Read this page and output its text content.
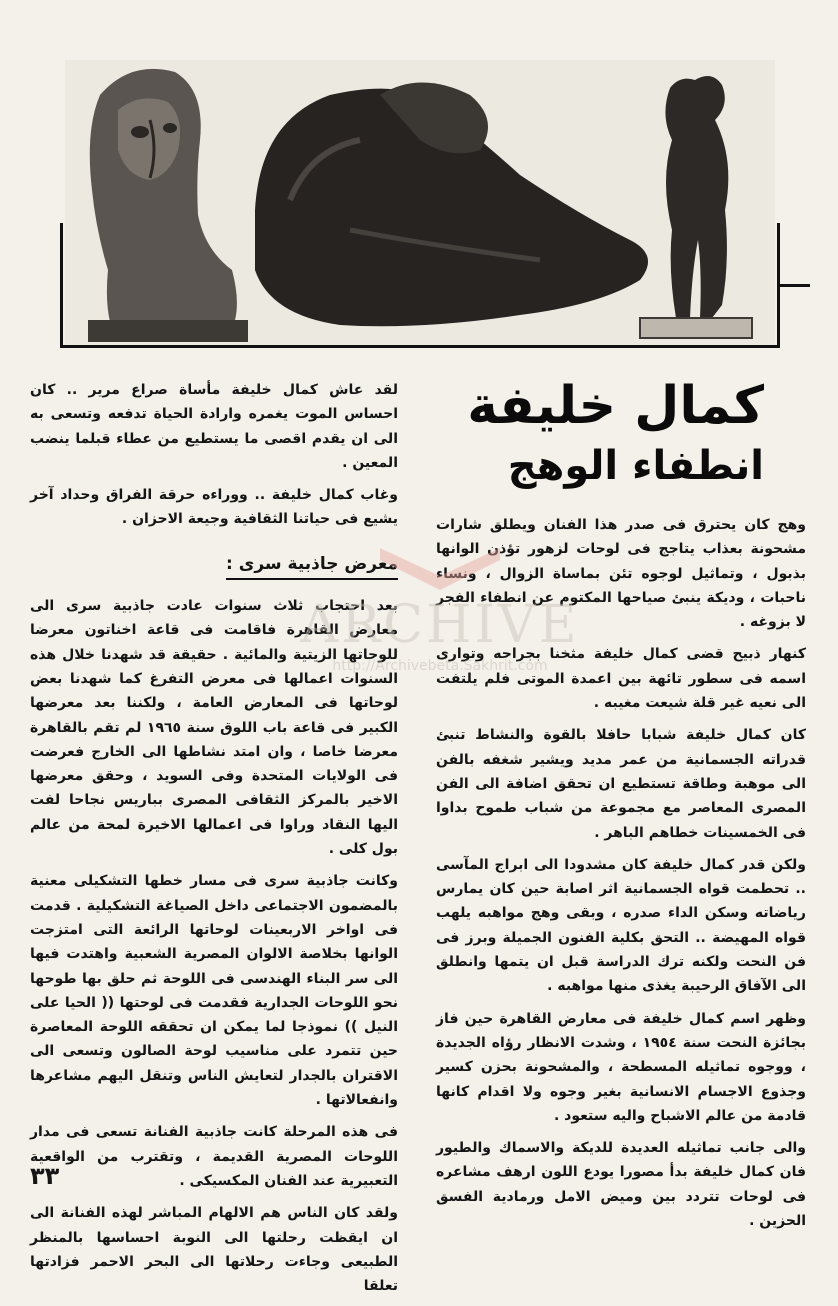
كمال خليفة
انطفاء الوهج

لقد عاش كمال خليفة مأساة صراع مرير .. كان احساس الموت يغمره وارادة الحياة تدفعه وتسعى به الى ان يقدم اقصى ما يستطيع من عطاء قبلما ينضب المعين .

وغاب كمال خليفة .. ووراءه حرقة الفراق وحداد آخر يشيع فى حياتنا الثقافية وجيعة الاحزان .

معرض جاذبية سرى :

بعد احتجاب ثلاث سنوات عادت جاذبية سرى الى معارض القاهرة فاقامت فى قاعة اخناتون معرضا للوحاتها الزيتية والمائية . حقيقة قد شهدنا خلال هذه السنوات اعمالها فى معرض التفرغ كما شهدنا بعض لوحاتها فى المعارض العامة ، ولكننا بعد معرضها الكبير فى قاعة باب اللوق سنة ١٩٦٥ لم تقم بالقاهرة معرضا خاصا ، وان امتد نشاطها الى الخارج فعرضت فى الولايات المتحدة وفى السويد ، وحقق معرضها الاخير بالمركز الثقافى المصرى بباريس نجاحا لفت اليها النقاد وراوا فى اعمالها الاخيرة لمحة من عالم بول كلى .

وكانت جاذبية سرى فى مسار خطها التشكيلى معنية بالمضمون الاجتماعى داخل الصياغة التشكيلية . قدمت فى اواخر الاربعينات لوحاتها الرائعة التى امتزجت الوانها بخلاصة الالوان المصرية الشعبية واهتدت فيها الى سر البناء الهندسى فى اللوحة ثم حلق بها طوحها نحو اللوحات الجدارية فقدمت فى لوحتها (( الحيا على النيل )) نموذجا لما يمكن ان تحققه اللوحة المعاصرة حين تتمرد على مناسيب لوحة الصالون وتسعى الى الاقتران بالجدار لتعايش الناس وتنقل اليهم مشاعرها وانفعالاتها .

فى هذه المرحلة كانت جاذبية الفنانة تسعى فى مدار اللوحات المصرية القديمة ، وتقترب من الواقعية التعبيرية عند الفنان المكسيكى .

ولقد كان الناس هم الالهام المباشر لهذه الفنانة الى ان ايقظت رحلتها الى النوبة احساسها بالمنظر الطبيعى وجاءت رحلاتها الى البحر الاحمر فزادتها تعلقا

وهج كان يحترق فى صدر هذا الفنان ويطلق شارات مشحونة بعذاب يتاجج فى لوحات لزهور تؤذن الوانها بذبول ، وتماثيل لوجوه تئن بماساة الزوال ، ونساء ناحبات ، وديكة ينبئ صياحها المكتوم عن انطفاء الفجر لا بزوغه .

كنهار ذبيح قضى كمال خليفة مثخنا بجراحه وتوارى اسمه فى سطور تائهة بين اعمدة الموتى فلم يلتفت الى نعيه غير قلة شيعت مغيبه .

كان كمال خليفة شبابا حافلا بالقوة والنشاط تنبئ قدراته الجسمانية من عمر مديد ويشير شغفه بالفن الى موهبة وطاقة تستطيع ان تحقق اضافة الى الفن المصرى المعاصر مع مجموعة من شباب طموح بداوا فى الخمسينات خطاهم الباهر .

ولكن قدر كمال خليفة كان مشدودا الى ابراج المآسى .. تحطمت قواه الجسمانية اثر اصابة حين كان يمارس رياضاته وسكن الداء صدره ، وبقى وهج مواهبه يلهب قواه المهيضة .. التحق بكلية الفنون الجميلة وبرز فى فن النحت ولكنه ترك الدراسة قبل ان يتمها وانطلق الى الآفاق الرحيبة يغذى منها مواهبه .

وظهر اسم كمال خليفة فى معارض القاهرة حين فاز بجائزة النحت سنة ١٩٥٤ ، وشدت الانظار رؤاه الجديدة ، ووجوه تماثيله المسطحة ، والمشحونة بحزن كسير وجذوع الاجسام الانسانية بغير وجوه ولا اقدام كانها قادمة من عالم الاشباح واليه ستعود .

والى جانب تماثيله العديدة للديكة والاسماك والطيور فان كمال خليفة بدأ مصورا يودع اللون ارهف مشاعره فى لوحات تتردد بين وميض الامل ورمادية الفسق الحزين .

٣٣
ARCHIVE
http://Archivebeta.Sakhrit.com
